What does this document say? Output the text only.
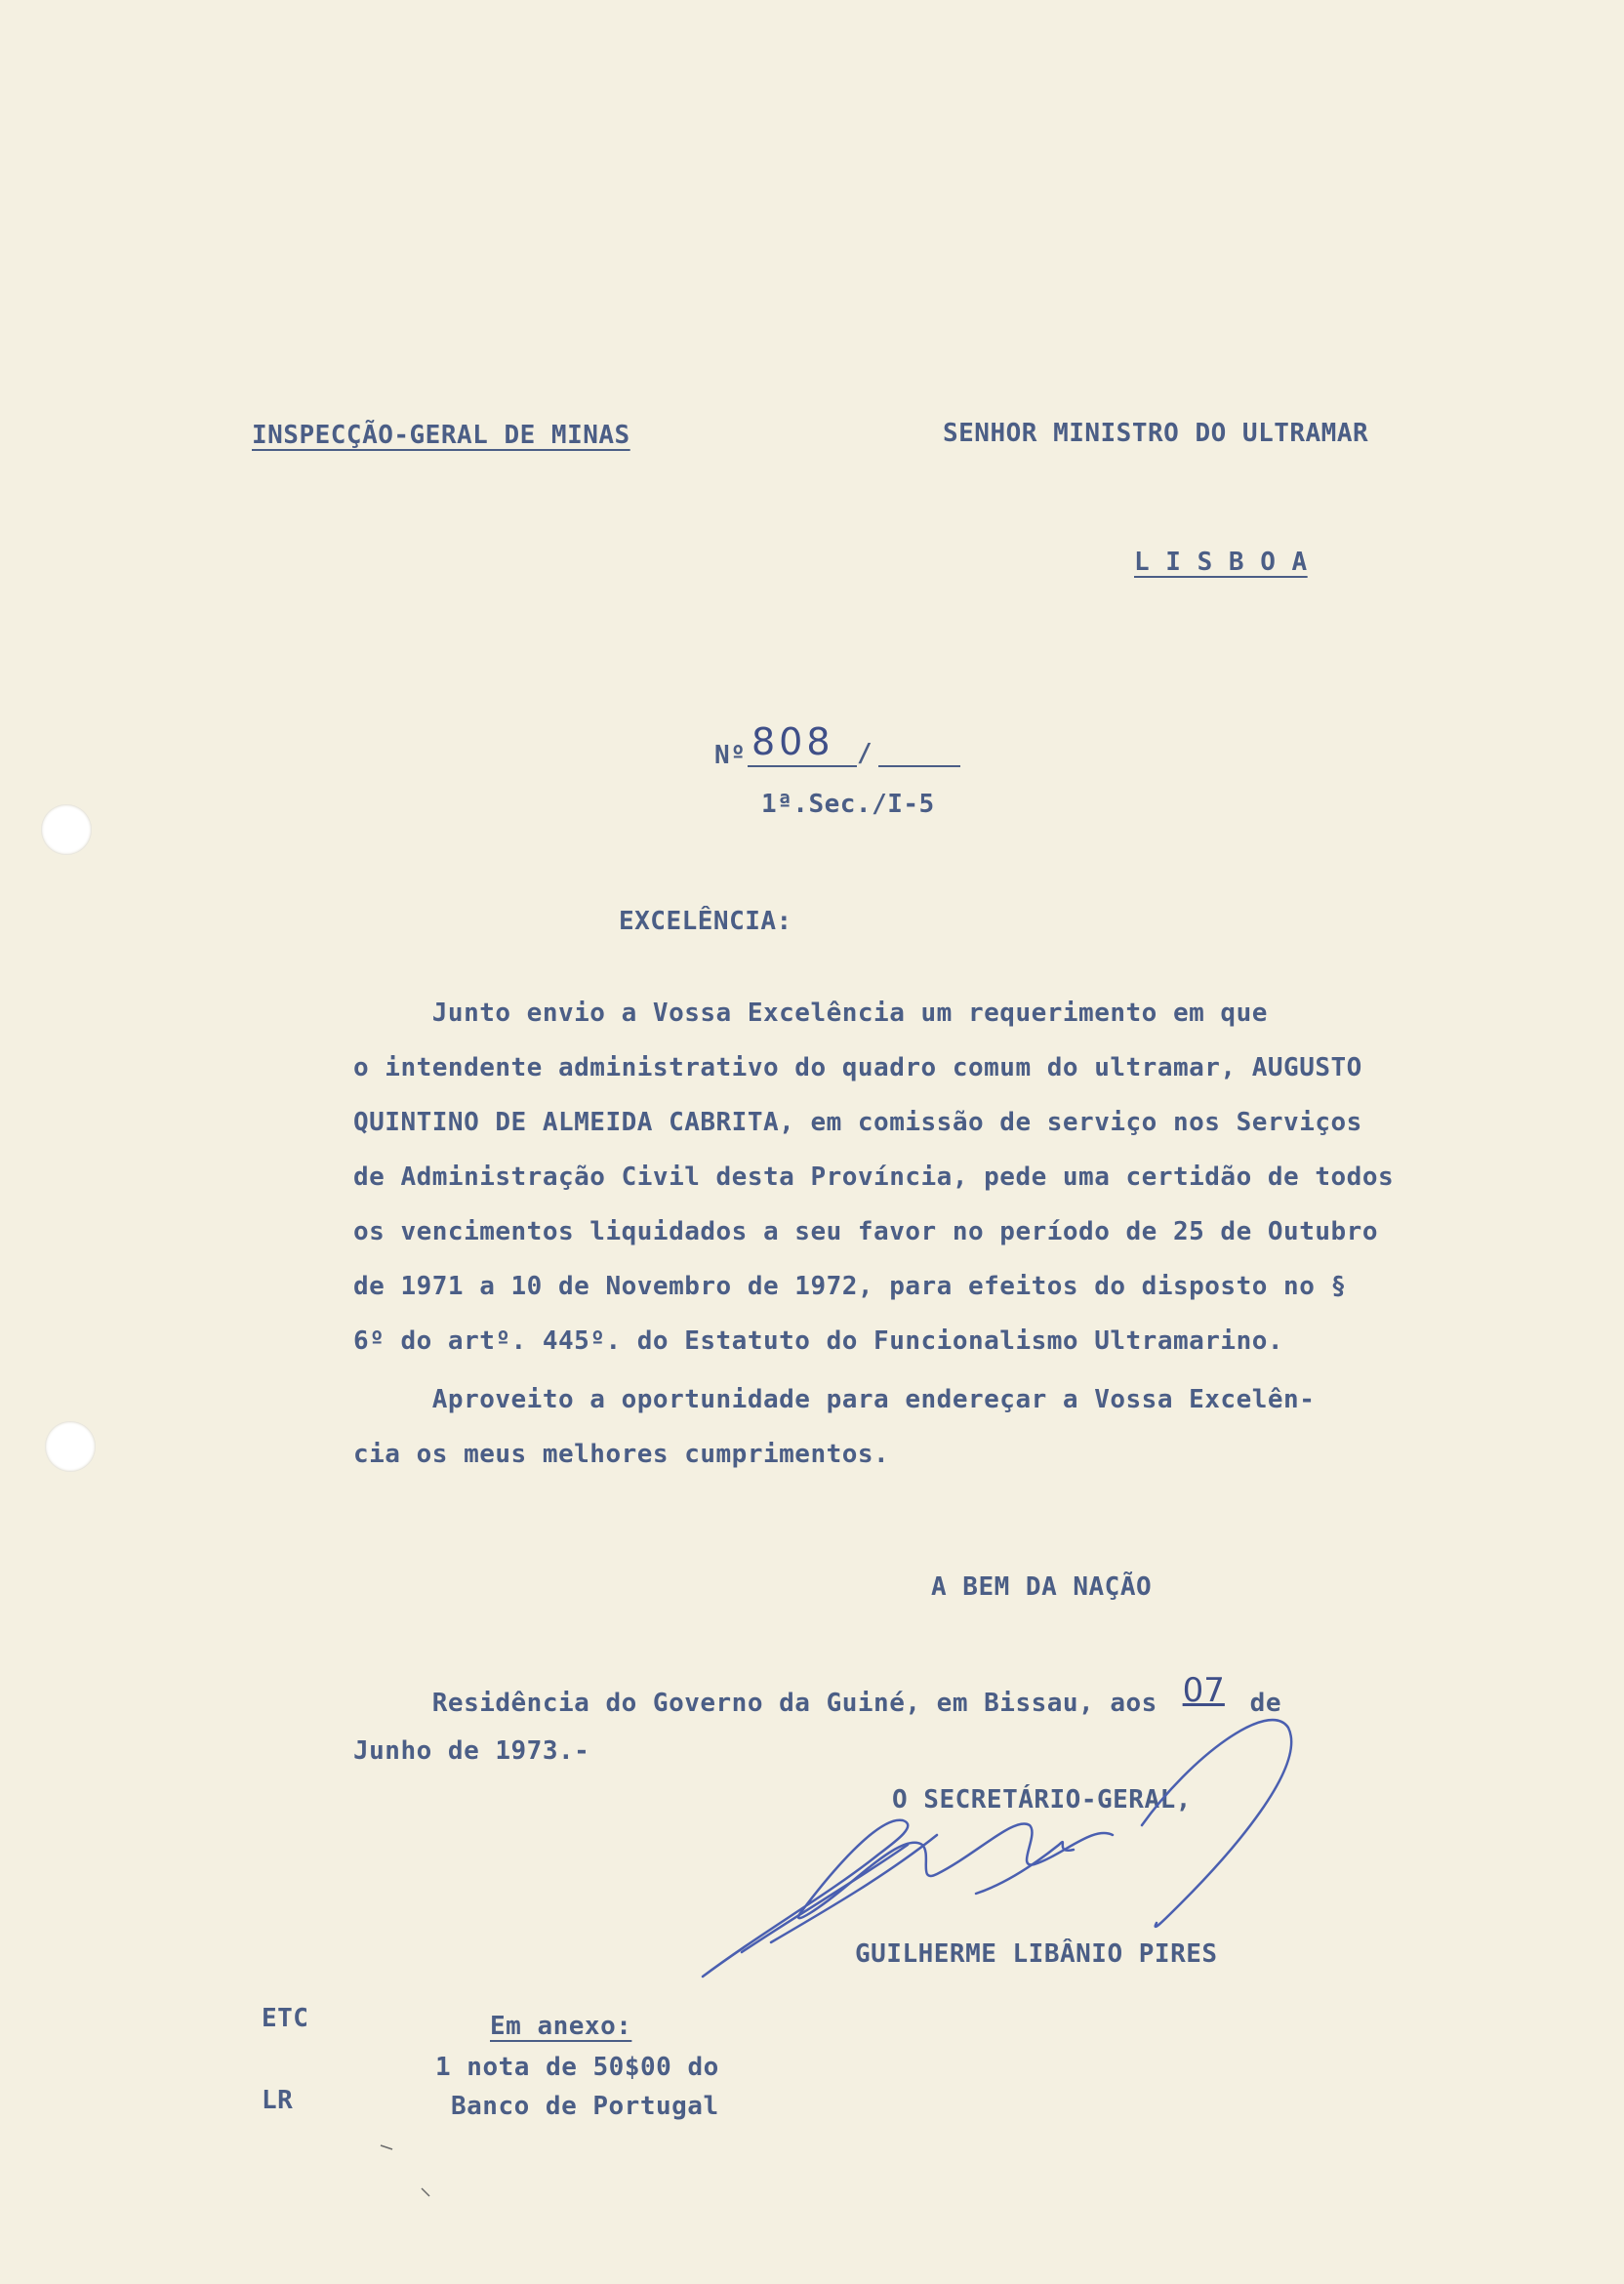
INSPECÇÃO-GERAL DE MINAS	SENHOR MINISTRO DO ULTRAMAR
L I S B O A
Nº 808 /
1ª.Sec./I-5
EXCELÊNCIA:
Junto envio a Vossa Excelência um requerimento em que
o intendente administrativo do quadro comum do ultramar, AUGUSTO
QUINTINO DE ALMEIDA CABRITA, em comissão de serviço nos Serviços
de Administração Civil desta Província, pede uma certidão de todos
os vencimentos liquidados a seu favor no período de 25 de Outubro
de 1971 a 10 de Novembro de 1972, para efeitos do disposto no §
6º do artº. 445º. do Estatuto do Funcionalismo Ultramarino.
Aproveito a oportunidade para endereçar a Vossa Excelên-
cia os meus melhores cumprimentos.
A BEM DA NAÇÃO
Residência do Governo da Guiné, em Bissau, aos  07  de
Junho de 1973.-
O SECRETÁRIO-GERAL,
GUILHERME LIBÂNIO PIRES
ETC
LR
Em anexo:
1 nota de 50$00 do
Banco de Portugal
